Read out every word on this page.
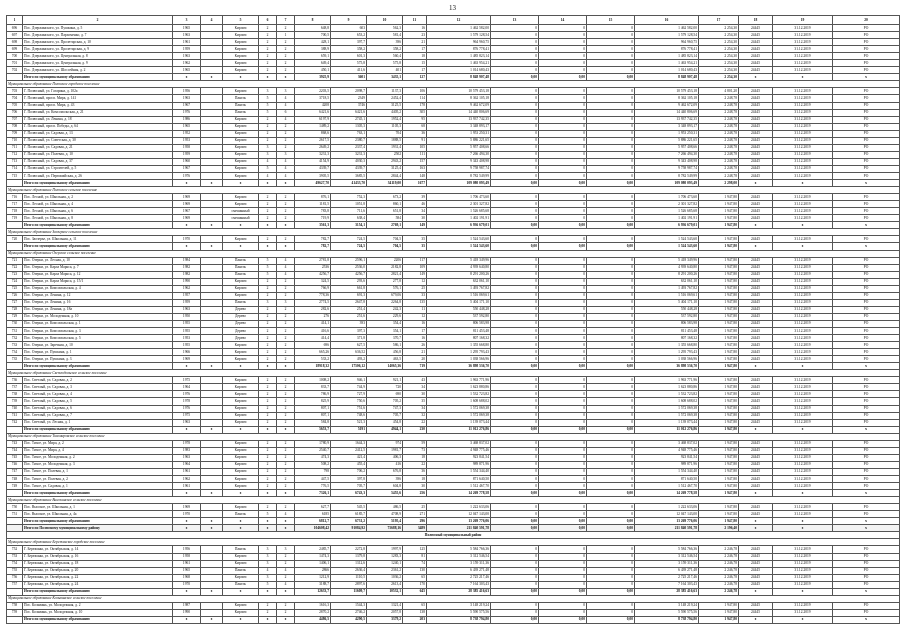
13
1	2	3	4	5	6	7	8	9	10	11	12	13	14	15	16	17	18	19	20
696	Пос. Дзержинского, ул. Пушкина, д. 5	1965		Кирпич	2	2	648,8	603	562,3	16	1 462 582,00	0	0	0	1 462 582,00	2 254,30	24445	31.12.2019	РО
697	Пос. Дзержинского, ул. Пархоменко, д. 7	1963		Кирпич	2	1	700,5	653,2	581,4	23	1 579 128,54	0	0	0	1 579 128,54	2 254,30	24445	31.12.2019	РО
698	Пос. Дзержинского, ул. Пролетарская, д. 10	1961		Кирпич	2	2	428,1	397,7	396	21	964 960,75	0	0	0	964 960,75	2 254,30	24445	31.12.2019	РО
699	Пос. Дзержинского, ул. Пролетарская, д. 9	1959		Кирпич	2	2	388,9	358,2	358,2	17	876 778,41	0	0	0	876 778,41	2 254,30	24445	31.12.2019	РО
700	Пос. Дзержинского, ул. Центральная, д. 8	1963		Кирпич	2	2	659,1	601,3	560,4	18	1 485 823,14	0	0	0	1 485 823,14	2 254,30	24445	31.12.2019	РО
701	Пос. Дзержинского, ул. Центральная, д. 9	1962		Кирпич	2	2	649,4	575,8	575,8	15	1 463 954,21	0	0	0	1 463 954,21	2 254,30	24445	31.12.2019	РО
702	Пос. Дзержинского, ул. Шоссейная, д. 2	1965		Кирпич	2	2	450,1	411,6	401	17	1 014 680,43	0	0	0	1 014 680,43	2 254,30	24445	31.12.2019	РО
	Итого по муниципальному образованию	x	x	x	x	x	3925,9	3601	3435,1	127	8 848 907,48	0,00	0,00	0,00	8 848 907,48	2 254,30	x	x	x
Муниципальное образование Полюсное городское поселение																			
703	Г. Полюсный, ул. Гагарина, д. 102а	1956		Кирпич	3	3	2203,5	2098,7	1137,3	106	10 579 453,18	0	0	0	10 579 453,18	4 801,20	24445	31.12.2019	РО
704	Г. Полюсный, просп. Мира, д. 141	1963		Панель	5	4	3718,5	2349	2452,4	114	8 362 105,18	0	0	0	8 362 105,18	2 248,78	24445	31.12.2019	РО
705	Г. Полюсный, просп. Мира, д. 43	1967		Панель	5	4	4208	3746	3125,5	178	9 462 672,09	0	0	0	9 462 672,09	2 248,78	24445	31.12.2019	РО
706	Г. Полюсный, ул. Комсомольская, д. 21	1976		Панель	5	6	6421,6	6421,6	4405,2	305	14 440 806,69	0	0	0	14 440 806,69	2 248,78	24445	31.12.2019	РО
707	Г. Полюсный, ул. Ленина, д. 18	1986		Кирпич	2	4	6197,9	2745,1	1952,4	95	13 937 742,35	0	0	0	13 937 742,35	2 248,78	24445	31.12.2019	РО
708	Г. Полюсный, просп. Победы, д. 64	1965		Кирпич	2	2	1489,2	1305,3	1105,3	68	3 348 893,17	0	0	0	3 348 893,17	2 248,78	24445	31.12.2019	РО
709	Г. Полюсный, ул. Садовая, д. 13	1952		Кирпич	2	2	868,6	763,1	704	36	1 953 250,31	0	0	0	1 953 250,31	2 248,78	24445	31.12.2019	РО
710	Г. Полюсный, ул. Советская, д. 30	1953		Кирпич	2	2	2617,5	2380,7	1888,5	91	5 886 221,65	0	0	0	5 886 221,65	2 248,78	24445	31.12.2019	РО
711	Г. Полюсный, ул. Садовая, д. 21	1958		Кирпич	3	2	2649,2	2337,4	1931,4	105	5 957 408,66	0	0	0	5 957 408,66	2 248,78	24445	31.12.2019	РО
712	Г. Полюсный, ул. Полевая, д. 10	1959		Кирпич	3	3	3231,3	3231,3	2502	111	7 266 494,30	0	0	0	7 266 494,30	2 248,78	24445	31.12.2019	РО
713	Г. Полюсный, ул. Садовая, д. 37	1960		Кирпич	4	4	4154,9	4030,3	2943,2	157	9 343 408,98	0	0	0	9 343 408,98	2 248,78	24445	31.12.2019	РО
714	Г. Полюсный, ул. Строителей, д. 5	1967		Кирпич	5	4	4339,7	4339,7	3125,4	163	9 758 987,74	0	0	0	9 758 987,74	2 248,78	24445	31.12.2019	РО
715	Г. Полюсный, ул. Первомайская, д. 26	1976		Кирпич	4	4	3905,5	3685,5	2844,4	148	8 782 549,99	0	0	0	8 782 549,99	2 248,78	24445	31.12.2019	РО
	Итого по муниципальному образованию	x	x	x	x	x	49627,70	41433,70	34119,00	1677	109 080 093,49	0,00	0,00	0,00	109 080 093,49	2 298,00	x	x	x
Муниципальное образование Полюсное сельское поселение																			
716	Пос. Лесной, ул. Школьная, д. 2	1969		Кирпич	2	2	876,1	752,3	673,2	39	1 706 473,60	0	0	0	1 706 473,60	1 947,80	24445	31.12.2019	РО
717	Пос. Лесной, ул. Школьная, д. 4	1969		Кирпич	2	2	1181,5	1051,8	860,1	46	2 301 327,82	0	0	0	2 301 327,82	1 947,80	24445	31.12.2019	РО
718	Пос. Лесной, ул. Школьная, д. 6	1967		смешанный	2	2	783,8	711,6	651,8	34	1 526 685,68	0	0	0	1 526 685,68	1 947,80	24445	31.12.2019	РО
719	Пос. Лесной, ул. Школьная, д. 8	1969		смешанный	2	2	719,9	638,4	584	30	1 402 191,91	0	0	0	1 402 191,91	1 947,80	24445	31.12.2019	РО
	Итого по муниципальному образованию	x	x	x	x	x	3561,3	3154,1	2769,1	149	6 936 679,01	0,00	0,00	0,00	6 936 679,01	1 947,80	x	x	x
Муниципальное образование Заозерное сельское поселение																			
720	Пос. Заозерье, ул. Школьная, д. 11	1970		Кирпич	2	2	782,7	724,5	704,5	35	1 524 543,60	0	0	0	1 524 543,60	1 947,80	24445	31.12.2019	РО
	Итого по муниципальному образованию	x	x	x	x	x	782,7	724,5	704,5	35	1 524 543,60	0,00	0,00	0,00	1 524 543,60	1 947,80	x	x	x
Муниципальное образование Озерское сельское поселение																			
721	Пос. Озерки, ул. Лесная, д. 10	1984		Панель	5	4	2781,8	2596,1	2206	117	5 418 349,96	0	0	0	5 418 349,96	1 947,80	24445	31.12.2019	РО
722	Пос. Озерки, ул. Карла Маркса, д. 7	1982		Панель	5	4	2536	2536,0	2182,8	109	4 939 640,80	0	0	0	4 939 640,80	1 947,80	24445	31.12.2019	РО
723	Пос. Озерки, ул. Карла Маркса, д. 12	1982		Панель	5	4	4256,7	4256,7	2821,4	149	8 291 200,26	0	0	0	8 291 200,26	1 947,80	24445	31.12.2019	РО
724	Пос. Озерки, ул. Карла Маркса, д. 15/1	1990		Кирпич	2	2	324,5	293,6	277,8	12	632 061,10	0	0	0	632 061,10	1 947,80	24445	31.12.2019	РО
725	Пос. Озерки, ул. Комсомольская, д. 4	1962		Кирпич	2	2	766,9	661,8	576,1	25	1 493 767,82	0	0	0	1 493 767,82	1 947,80	24445	31.12.2019	РО
726	Пос. Озерки, ул. Ленина, д. 12	1957		Кирпич	2	2	778,36	691,3	679,06	33	1 516 069,61	0	0	0	1 516 069,61	1 947,80	24445	31.12.2019	РО
727	Пос. Озерки, ул. Ленина, д. 16	1959		Панель	3	3	2774,5	2647,8	2264,8	135	5 404 171,10	0	0	0	5 404 171,10	1 947,80	24445	31.12.2019	РО
728	Пос. Озерки, ул. Ленина, д. 18а	1963		Дерево	2	2	282,6	251,4	242,3	11	550 448,28	0	0	0	550 448,28	1 947,80	24445	31.12.2019	РО
729	Пос. Озерки, ул. Молодежная, д. 10	1950		Дерево	2	2	276	251,6	229,6	12	537 592,80	0	0	0	537 592,80	1 947,80	24445	31.12.2019	РО
730	Пос. Озерки, ул. Комсомольская, д. 1	1955		Дерево	2	2	414,1	393	354,4	16	806 583,98	0	0	0	806 583,98	1 947,80	24445	31.12.2019	РО
731	Пос. Озерки, ул. Комсомольская, д. 3	1955		Дерево	2	2	416,6	397,3	354,1	17	811 453,48	0	0	0	811 453,48	1 947,80	24445	31.12.2019	РО
732	Пос. Озерки, ул. Комсомольская, д. 5	1953		Дерево	2	2	414,4	371,8	370,7	16	807 168,32	0	0	0	807 168,32	1 947,80	24445	31.12.2019	РО
733	Пос. Озерки, ул. Заречная, д. 10	1955		Кирпич	2	2	696	627,5	586,1	26	1 355 668,80	0	0	0	1 355 668,80	1 947,80	24445	31.12.2019	РО
734	Пос. Озерки, ул. Пушкина, д. 1	1966		Кирпич	2	2	665,26	636,52	456,8	21	1 295 793,43	0	0	0	1 295 793,43	1 947,80	24445	31.12.2019	РО
735	Пос. Озерки, ул. Пушкина, д. 3	1969		Кирпич	2	2	533,2	493,2	463,5	20	1 038 566,96	0	0	0	1 038 566,96	1 947,80	24445	31.12.2019	РО
	Итого по муниципальному образованию	x	x	x	x	x	18918,32	17506,12	14065,36	719	36 898 536,70	0,00	0,00	0,00	36 898 536,70	1 947,80	x	x	x
Муниципальное образование Светлодольское сельское поселение																			
736	Пос. Светлый, ул. Садовая, д. 2	1975		Кирпич	2	2	1008,2	946,1	921,1	43	1 963 771,96	0	0	0	1 963 771,96	1 947,80	24445	31.12.2019	РО
737	Пос. Светлый, ул. Садовая, д. 3	1964		Кирпич	2	2	833,7	744,9	720	34	1 623 880,86	0	0	0	1 623 880,86	1 947,80	24445	31.12.2019	РО
738	Пос. Светлый, ул. Садовая, д. 4	1976		Кирпич	2	2	786,9	727,9	690	30	1 532 723,82	0	0	0	1 532 723,82	1 947,80	24445	31.12.2019	РО
739	Пос. Светлый, ул. Садовая, д. 5	1978		Кирпич	2	2	825,9	750,6	705,2	35	1 608 688,02	0	0	0	1 608 688,02	1 947,80	24445	31.12.2019	РО
740	Пос. Светлый, ул. Садовая, д. 6	1976		Кирпич	2	2	807,1	751,6	747,3	34	1 572 069,38	0	0	0	1 572 069,38	1 947,80	24445	31.12.2019	РО
741	Пос. Светлый, ул. Садовая, д. 7	1975		Кирпич	2	2	807,1	748,6	705,7	32	1 572 069,38	0	0	0	1 572 069,38	1 947,80	24445	31.12.2019	РО
742	Пос. Светлый, ул. Лесная, д. 1	1963		Кирпич	2	2	584,8	521,3	454,8	22	1 139 073,44	0	0	0	1 139 073,44	1 947,80	24445	31.12.2019	РО
	Итого по муниципальному образованию	x	x	x	x	x	5653,7	5191	4944,1	230	11 012 276,86	0,00	0,00	0,00	11 012 276,86	1 947,80	x	x	x
Муниципальное образование Тихомировское сельское поселение																			
743	Пос. Тихое, ул. Мира, д. 2	1978		Кирпич	2	2	1780,9	1644,3	974	59	3 468 837,02	0	0	0	3 468 837,02	1 947,80	24445	31.12.2019	РО
744	Пос. Тихое, ул. Мира, д. 4	1983		Кирпич	2	2	2540,7	2412,5	1981,7	73	4 948 775,46	0	0	0	4 948 775,46	1 947,80	24445	31.12.2019	РО
745	Пос. Тихое, ул. Молодежная, д. 2	1963		Кирпич	2	2	474,3	421,4	406,3	18	923 841,54	0	0	0	923 841,54	1 947,80	24445	31.12.2019	РО
746	Пос. Тихое, ул. Молодежная, д. 3	1964		Кирпич	2	2	508,2	455,4	416	22	989 871,96	0	0	0	989 871,96	1 947,80	24445	31.12.2019	РО
747	Пос. Тихое, ул. Полевая, д. 1	1961		Кирпич	2	2	798	706,2	676,8	36	1 554 344,40	0	0	0	1 554 344,40	1 947,80	24445	31.12.2019	РО
748	Пос. Тихое, ул. Полевая, д. 2	1962		Кирпич	2	2	447,5	397,8	396	18	871 640,50	0	0	0	871 640,50	1 947,80	24445	31.12.2019	РО
749	Пос. Тихое, ул. Садовая, д. 1	1961		Кирпич	2	2	776,5	705,7	604,8	30	1 512 467,70	0	0	0	1 512 467,70	1 947,80	24445	31.12.2019	РО
	Итого по муниципальному образованию	x	x	x	x	x	7326,1	6743,3	5455,6	256	14 269 778,58	0,00	0,00	0,00	14 269 778,58	1 947,80	x	x	x
Муниципальное образование Высокинское сельское поселение																			
750	Пос. Высокое, ул. Школьная, д. 1	1969		Кирпич	2	2	627,7	545,5	486,5	25	1 222 633,06	0	0	0	1 222 633,06	1 947,80	24445	31.12.2019	РО
751	Пос. Высокое, ул. Школьная, д. 4а	1970		Панель	5	4	6185	6185,7	4708,9	271	12 047 143,00	0	0	0	12 047 143,00	1 947,80	24445	31.12.2019	РО
	Итого по муниципальному образованию	x	x	x	x	x	6812,7	6731,2	5195,4	296	13 269 776,06	0,00	0,00	0,00	13 269 776,06	1 947,80	x	x	x
	Итого по Полюсному муниципальному району	x	x	x	x	x	104608,42	91084,92	75688,16	3489	211 840 591,78	0,00	0,00	0,00	211 840 591,78	2 196,40	x	x	x
Полюсный муниципальный район																			
Муниципальное образование Бережанское городское поселение																			
752	Г. Бережаны, ул. Октябрьская, д. 14	1956		Панель	3	3	2485,7	2272,8	1997,9	125	5 584 766,36	0	0	0	5 584 766,36	2 246,78	24445	31.12.2019	РО
753	Г. Бережаны, ул. Октябрьская, д. 16	1958		Кирпич	3	2	1474,3	1379,8	1283,3	81	3 312 546,54	0	0	0	3 312 546,54	2 246,78	24445	31.12.2019	РО
754	Г. Бережаны, ул. Октябрьская, д. 18	1961		Кирпич	3	2	1406,1	1312,6	1240,1	74	3 159 311,36	0	0	0	3 159 311,36	2 246,78	24445	31.12.2019	РО
755	Г. Бережаны, ул. Октябрьская, д. 20	1965		Панель	4	4	2866	2636,4	2361,2	130	6 439 271,48	0	0	0	6 439 271,48	2 246,78	24445	31.12.2019	РО
756	Г. Бережаны, ул. Октябрьская, д. 22	1968		Кирпич	3	2	1212,9	1110,5	1036,2	65	2 725 217,46	0	0	0	2 725 217,46	2 246,78	24445	31.12.2019	РО
757	Г. Бережаны, ул. Октябрьская, д. 24	1970		Панель	5	4	3188,7	2897,6	2613,4	170	7 164 303,43	0	0	0	7 164 303,43	2 246,78	24445	31.12.2019	РО
	Итого по муниципальному образованию	x	x	x	x	x	12633,7	11609,7	10532,1	645	28 385 416,63	0,00	0,00	0,00	28 385 416,63	2 246,78	x	x	x
Муниципальное образование Колыванское сельское поселение																			
758	Пос. Колывань, ул. Молодежная, д. 2	1987		Кирпич	2	2	1616,3	1544,3	1321,4	65	3 148 219,24	0	0	0	3 148 219,24	1 947,80	24445	31.12.2019	РО
759	Пос. Колывань, ул. Молодежная, д. 10	1990		Кирпич	2	2	2870,2	2746,2	2057,8	138	5 590 575,56	0	0	0	5 590 575,56	1 947,80	24445	31.12.2019	РО
	Итого по муниципальному образованию	x	x	x	x	x	4486,5	4290,5	3379,2	203	8 738 794,80	0,00	0,00	0,00	8 738 794,80	1 947,80	x	x	x
